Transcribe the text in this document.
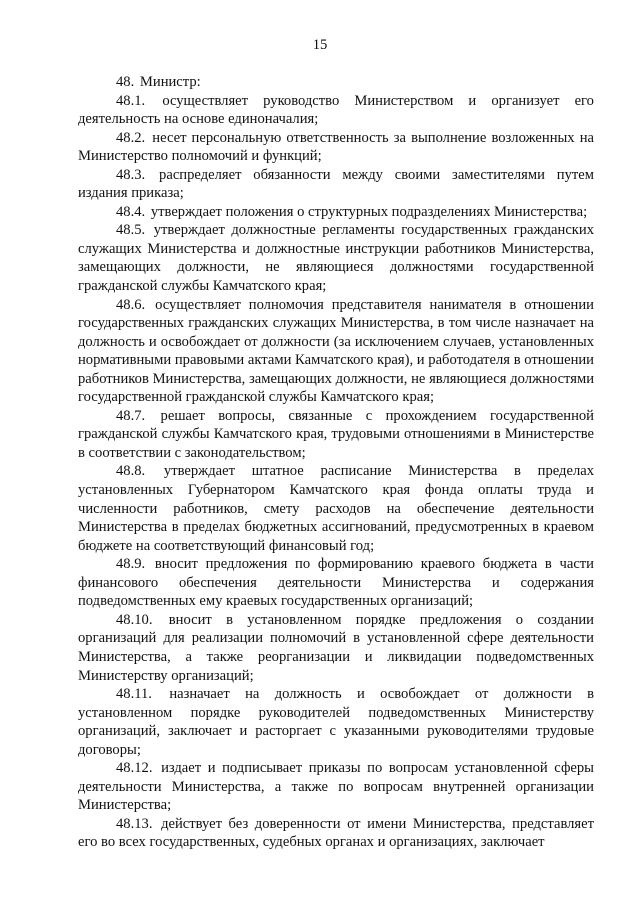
15

48. Министр:

48.1. осуществляет руководство Министерством и организует его деятельность на основе единоначалия;

48.2. несет персональную ответственность за выполнение возложенных на Министерство полномочий и функций;

48.3. распределяет обязанности между своими заместителями путем издания приказа;

48.4. утверждает положения о структурных подразделениях Министерства;

48.5. утверждает должностные регламенты государственных гражданских служащих Министерства и должностные инструкции работников Министерства, замещающих должности, не являющиеся должностями государственной гражданской службы Камчатского края;

48.6. осуществляет полномочия представителя нанимателя в отношении государственных гражданских служащих Министерства, в том числе назначает на должность и освобождает от должности (за исключением случаев, установленных нормативными правовыми актами Камчатского края), и работодателя в отношении работников Министерства, замещающих должности, не являющиеся должностями государственной гражданской службы Камчатского края;

48.7. решает вопросы, связанные с прохождением государственной гражданской службы Камчатского края, трудовыми отношениями в Министерстве в соответствии с законодательством;

48.8. утверждает штатное расписание Министерства в пределах установленных Губернатором Камчатского края фонда оплаты труда и численности работников, смету расходов на обеспечение деятельности Министерства в пределах бюджетных ассигнований, предусмотренных в краевом бюджете на соответствующий финансовый год;

48.9. вносит предложения по формированию краевого бюджета в части финансового обеспечения деятельности Министерства и содержания подведомственных ему краевых государственных организаций;

48.10. вносит в установленном порядке предложения о создании организаций для реализации полномочий в установленной сфере деятельности Министерства, а также реорганизации и ликвидации подведомственных Министерству организаций;

48.11. назначает на должность и освобождает от должности в установленном порядке руководителей подведомственных Министерству организаций, заключает и расторгает с указанными руководителями трудовые договоры;

48.12. издает и подписывает приказы по вопросам установленной сферы деятельности Министерства, а также по вопросам внутренней организации Министерства;

48.13. действует без доверенности от имени Министерства, представляет его во всех государственных, судебных органах и организациях, заключает
